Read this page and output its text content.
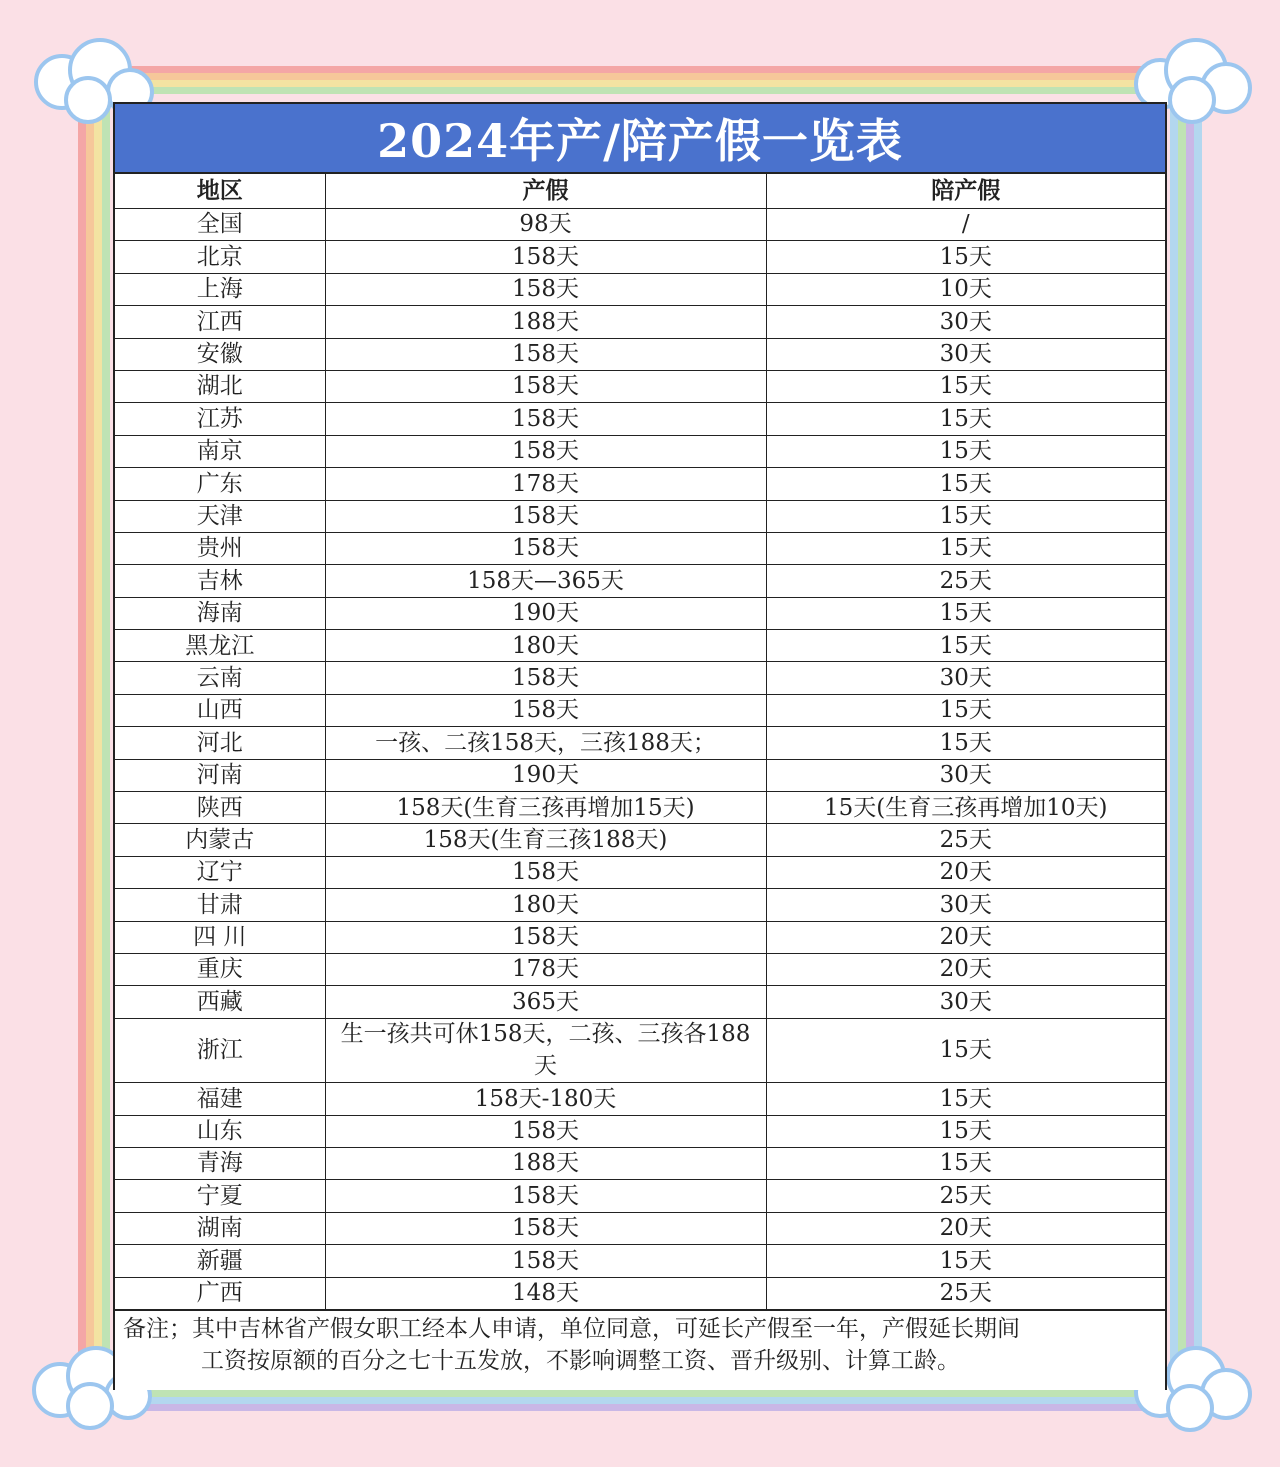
2024年产/陪产假一览表
地区	产假	陪产假
全国	98天	/
北京	158天	15天
上海	158天	10天
江西	188天	30天
安徽	158天	30天
湖北	158天	15天
江苏	158天	15天
南京	158天	15天
广东	178天	15天
天津	158天	15天
贵州	158天	15天
吉林	158天—365天	25天
海南	190天	15天
黑龙江	180天	15天
云南	158天	30天
山西	158天	15天
河北	一孩、二孩158天，三孩188天；	15天
河南	190天	30天
陕西	158天(生育三孩再增加15天)	15天(生育三孩再增加10天)
内蒙古	158天(生育三孩188天)	25天
辽宁	158天	20天
甘肃	180天	30天
四 川	158天	20天
重庆	178天	20天
西藏	365天	30天
浙江	生一孩共可休158天，二孩、三孩各188天	15天
福建	158天-180天	15天
山东	158天	15天
青海	188天	15天
宁夏	158天	25天
湖南	158天	20天
新疆	158天	15天
广西	148天	25天
备注；其中吉林省产假女职工经本人申请，单位同意，可延长产假至一年，产假延长期间
工资按原额的百分之七十五发放，不影响调整工资、晋升级别、计算工龄。
